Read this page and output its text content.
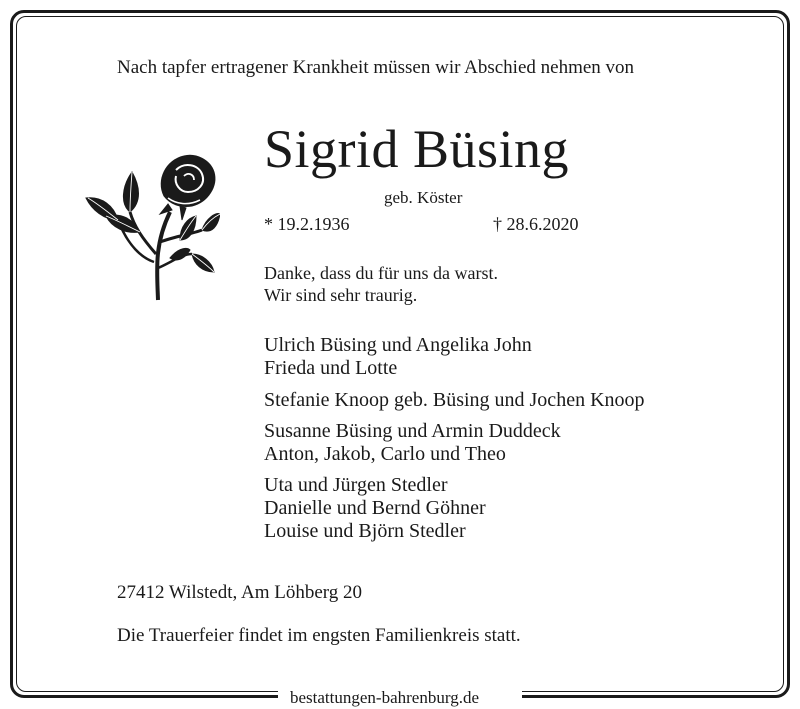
Nach tapfer ertragener Krankheit müssen wir Abschied nehmen von
Sigrid Büsing
geb. Köster
* 19.2.1936	† 28.6.2020
Danke, dass du für uns da warst.
Wir sind sehr traurig.
Ulrich Büsing und Angelika John
Frieda und Lotte
Stefanie Knoop geb. Büsing und Jochen Knoop
Susanne Büsing und Armin Duddeck
Anton, Jakob, Carlo und Theo
Uta und Jürgen Stedler
Danielle und Bernd Göhner
Louise und Björn Stedler
27412 Wilstedt, Am Löhberg 20
Die Trauerfeier findet im engsten Familienkreis statt.
bestattungen-bahrenburg.de
